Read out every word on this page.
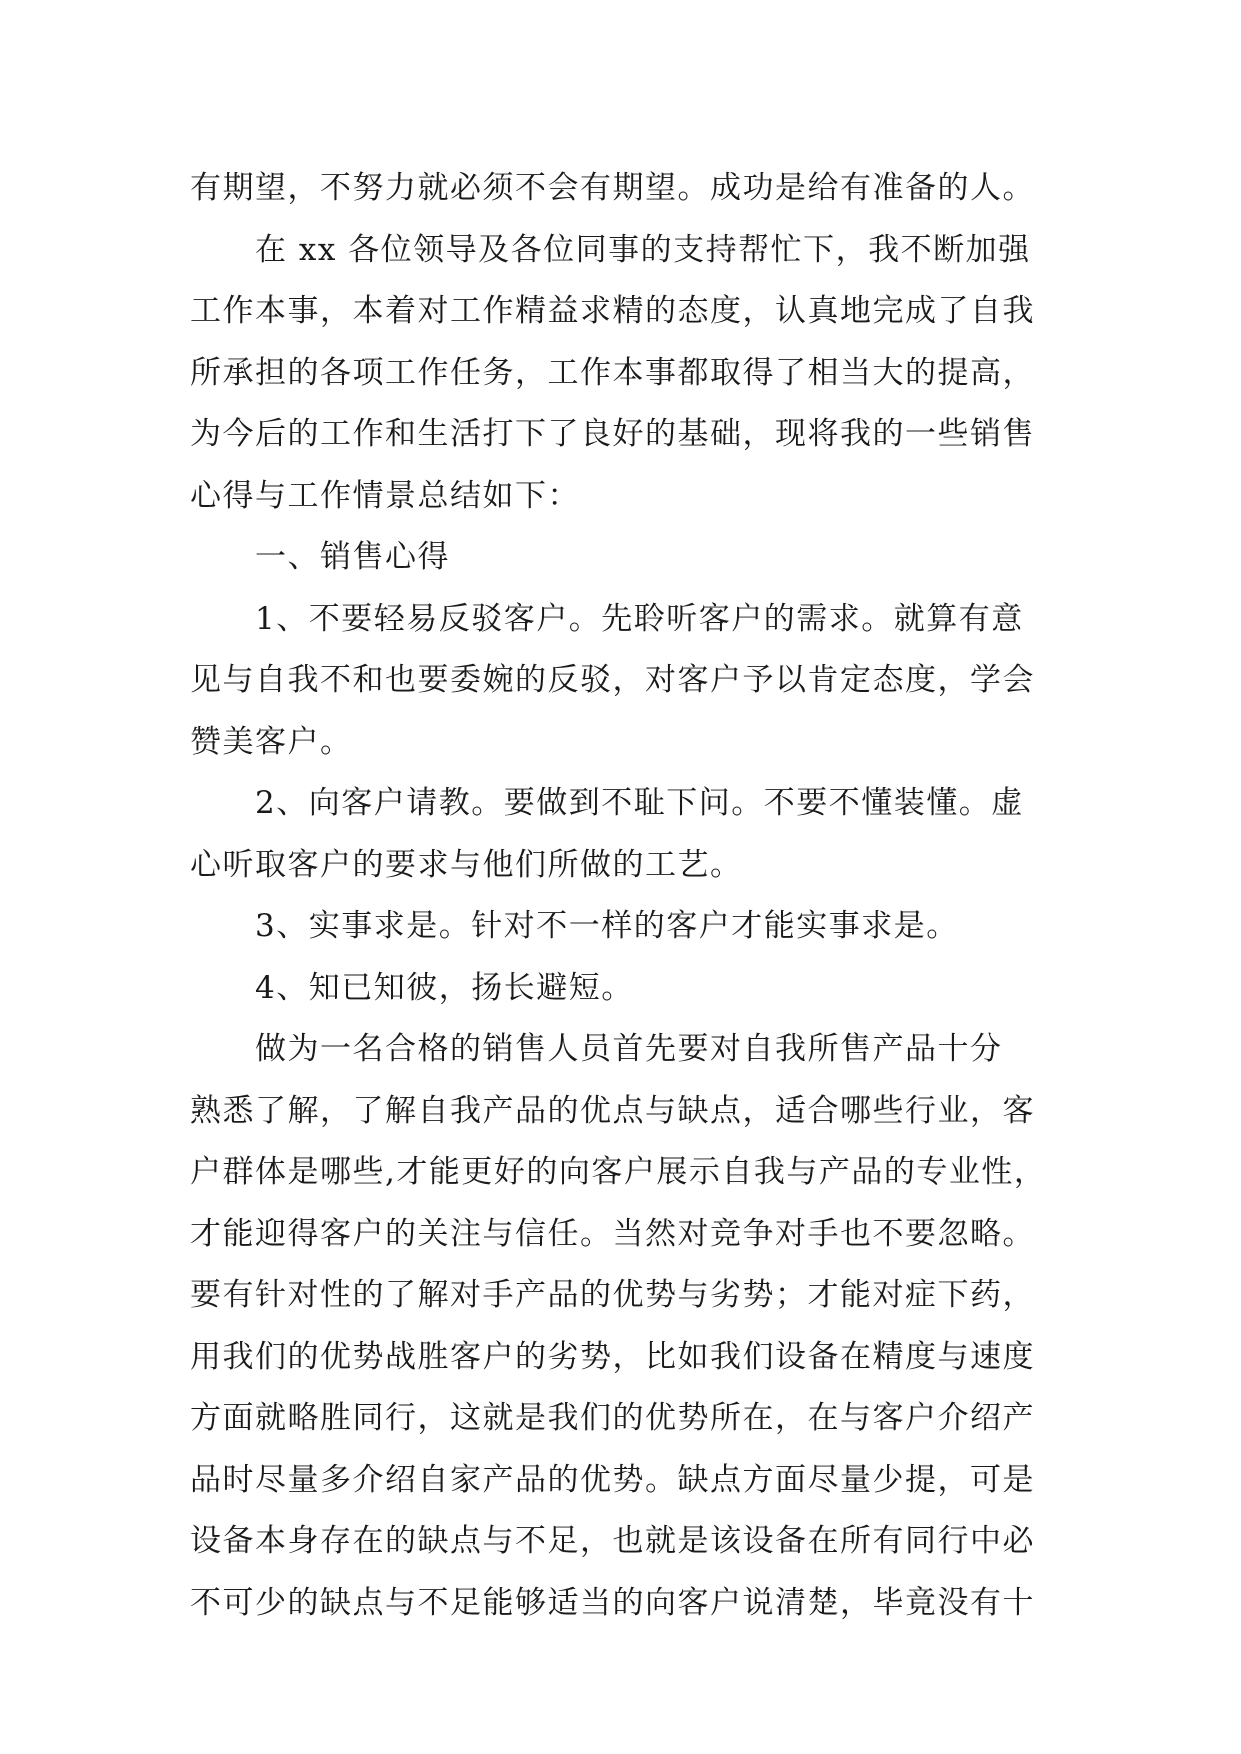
有期望，不努力就必须不会有期望。成功是给有准备的人。
在 xx 各位领导及各位同事的支持帮忙下，我不断加强
工作本事，本着对工作精益求精的态度，认真地完成了自我
所承担的各项工作任务，工作本事都取得了相当大的提高，
为今后的工作和生活打下了良好的基础，现将我的一些销售
心得与工作情景总结如下：
一、销售心得
1、不要轻易反驳客户。先聆听客户的需求。就算有意
见与自我不和也要委婉的反驳，对客户予以肯定态度，学会
赞美客户。
2、向客户请教。要做到不耻下问。不要不懂装懂。虚
心听取客户的要求与他们所做的工艺。
3、实事求是。针对不一样的客户才能实事求是。
4、知已知彼，扬长避短。
做为一名合格的销售人员首先要对自我所售产品十分
熟悉了解，了解自我产品的优点与缺点，适合哪些行业，客
户群体是哪些,才能更好的向客户展示自我与产品的专业性，
才能迎得客户的关注与信任。当然对竞争对手也不要忽略。
要有针对性的了解对手产品的优势与劣势；才能对症下药，
用我们的优势战胜客户的劣势，比如我们设备在精度与速度
方面就略胜同行，这就是我们的优势所在，在与客户介绍产
品时尽量多介绍自家产品的优势。缺点方面尽量少提，可是
设备本身存在的缺点与不足，也就是该设备在所有同行中必
不可少的缺点与不足能够适当的向客户说清楚，毕竟没有十
